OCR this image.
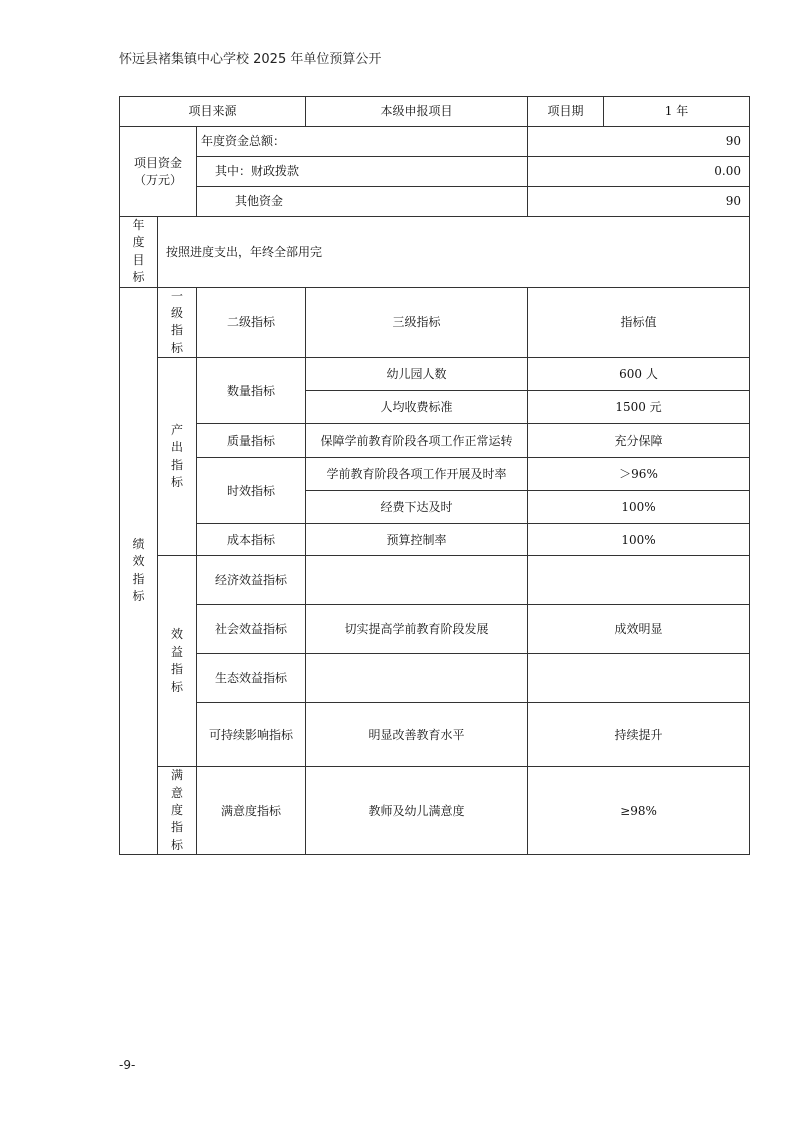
怀远县褚集镇中心学校 2025 年单位预算公开
项目来源			本级申报项目	项目期	1 年

项目资金
（万元）		年度资金总额：		90	
		其中：财政拨款		0.00	
		其他资金		90	

年度目标	按照进度支出，年终全部用完				

绩效指标	一级指标	二级指标	三级指标	指标值	

	产出指标	数量指标	幼儿园人数	600 人	
			人均收费标准	1500 元	
		质量指标	保障学前教育阶段各项工作正常运转	充分保障	
		时效指标	学前教育阶段各项工作开展及时率	＞96%	
			经费下达及时	100%	
		成本指标	预算控制率	100%	

	效益指标	经济效益指标			
		社会效益指标	切实提高学前教育阶段发展	成效明显	
		生态效益指标			
		可持续影响指标	明显改善教育水平	持续提升	

	满意度指标	满意度指标	教师及幼儿满意度	≥98%	
-9-
